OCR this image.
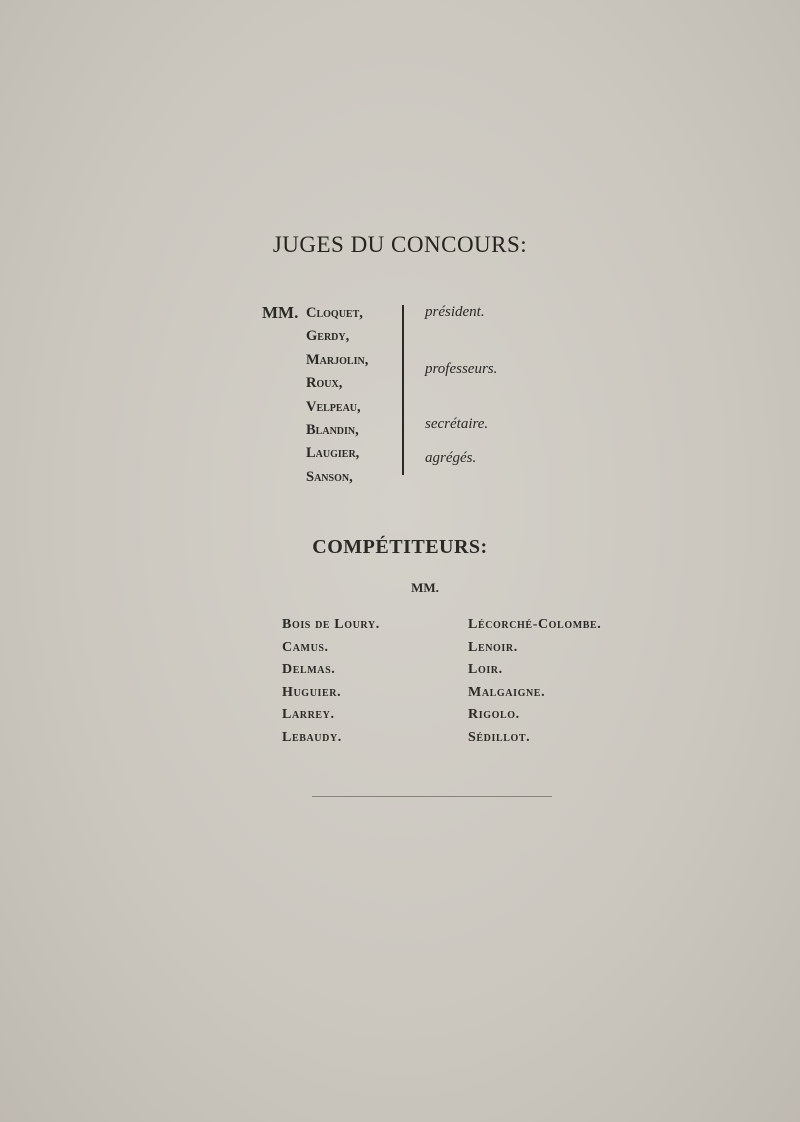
JUGES DU CONCOURS:
MM. Cloquet,
Gerdy,
Marjolin,
Roux,
Velpeau,
Blandin,
Laugier,
Sanson,
président.
professeurs.
secrétaire.
agrégés.
COMPÉTITEURS:
MM.
Bois de Loury.
Camus.
Delmas.
Huguier.
Larrey.
Lebaudy.
Lécorché-Colombe.
Lenoir.
Loir.
Malgaigne.
Rigolo.
Sédillot.
